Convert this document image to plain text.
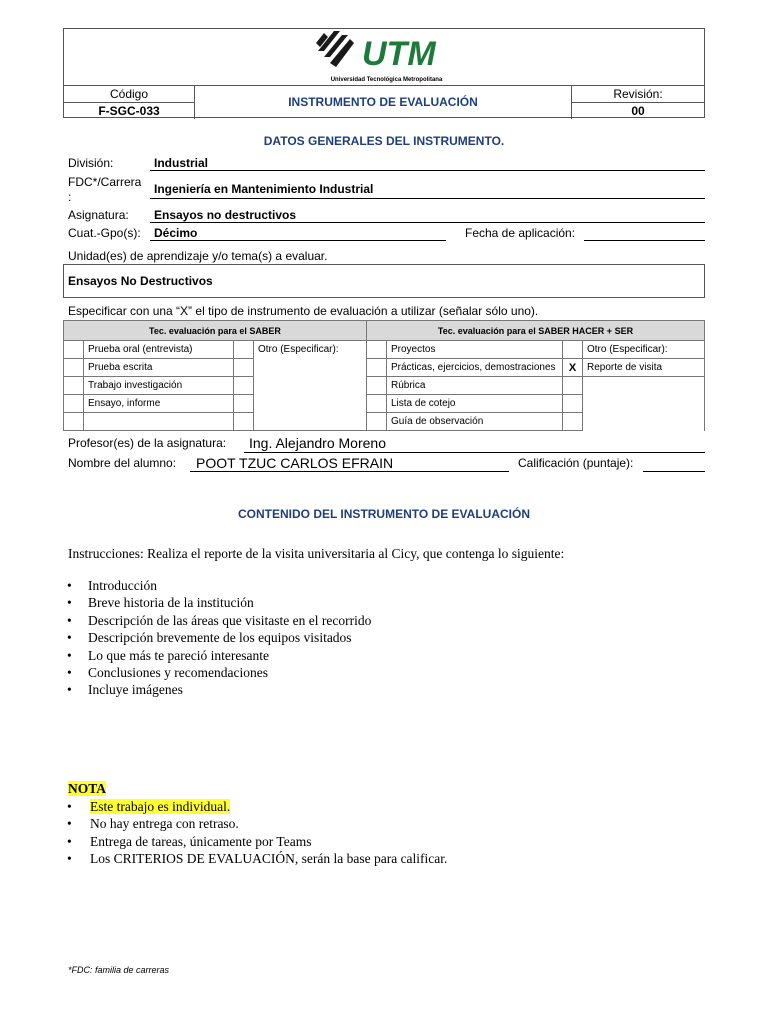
UTM
Universidad Tecnológica Metropolitana
Código
F-SGC-033
INSTRUMENTO DE EVALUACIÓN
Revisión:
00
DATOS GENERALES DEL INSTRUMENTO.
División:	Industrial
FDC*/Carrera
:
Ingeniería en Mantenimiento Industrial
Asignatura: Ensayos no destructivos
Cuat.-Gpo(s): Décimo	Fecha de aplicación:
Unidad(es) de aprendizaje y/o tema(s) a evaluar.
Ensayos No Destructivos
Especificar con una “X” el tipo de instrumento de evaluación a utilizar (señalar sólo uno).
Tec. evaluación para el SABER				Tec. evaluación para el SABER HACER + SER			
	Prueba oral (entrevista)		Otro (Especificar):		Proyectos		Otro (Especificar):
	Prueba escrita				Prácticas, ejercicios, demostraciones	X	Reporte de visita
	Trabajo investigación				Rúbrica		
	Ensayo, informe				Lista de cotejo		
					Guía de observación		
Profesor(es) de la asignatura: Ing. Alejandro Moreno
Nombre del alumno: POOT TZUC CARLOS EFRAIN	Calificación (puntaje):
CONTENIDO DEL INSTRUMENTO DE EVALUACIÓN
Instrucciones: Realiza el reporte de la visita universitaria al Cicy, que contenga lo siguiente:
• Introducción
• Breve historia de la institución
• Descripción de las áreas que visitaste en el recorrido
• Descripción brevemente de los equipos visitados
• Lo que más te pareció interesante
• Conclusiones y recomendaciones
• Incluye imágenes
NOTA
• Este trabajo es individual.
• No hay entrega con retraso.
• Entrega de tareas, únicamente por Teams
• Los CRITERIOS DE EVALUACIÓN, serán la base para calificar.
*FDC: familia de carreras
